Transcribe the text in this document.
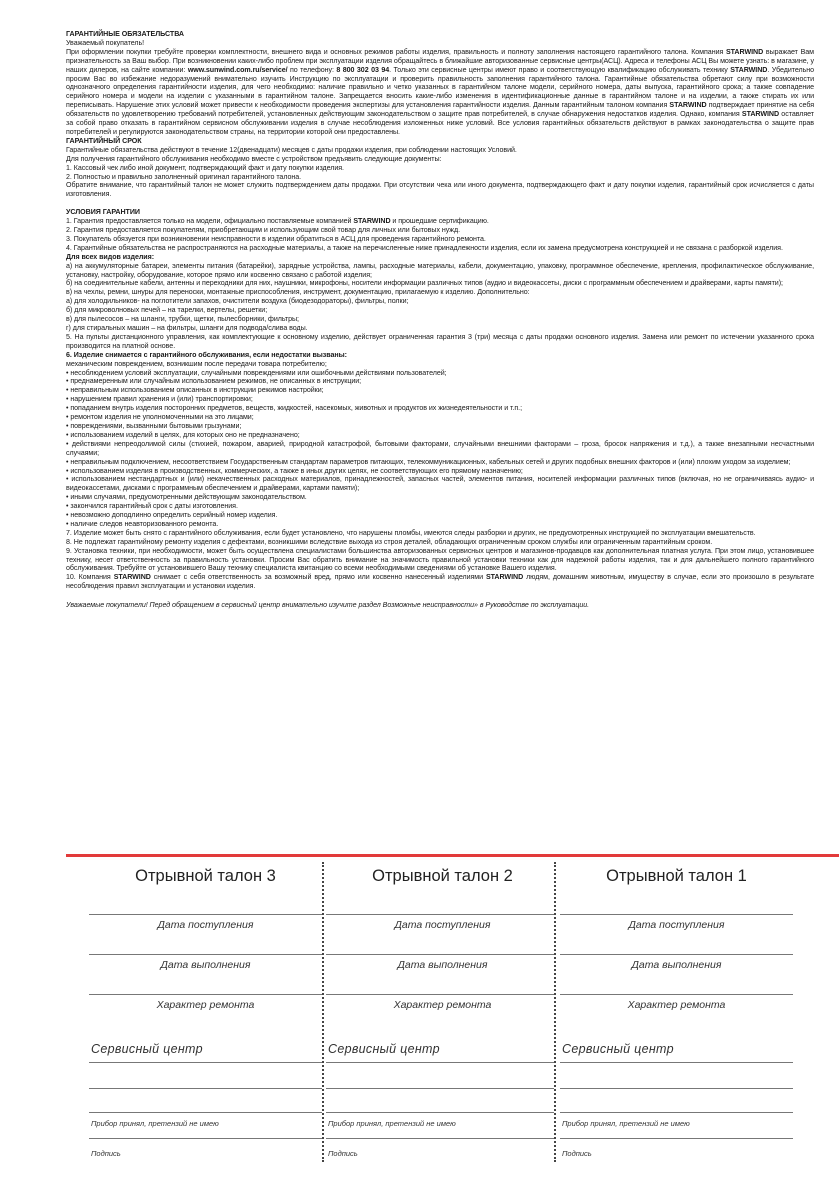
ГАРАНТИЙНЫЕ ОБЯЗАТЕЛЬСТВА

Уважаемый покупатель!

При оформлении покупки требуйте проверки комплектности, внешнего вида и основных режимов работы изделия, правильность и полноту заполнения настоящего гарантийного талона. Компания STARWIND выражает Вам признательность за Ваш выбор. При возникновении каких-либо проблем при эксплуатации изделия обращайтесь в ближайшие авторизованные сервисные центры(АСЦ). Адреса и телефоны АСЦ Вы можете узнать: в магазине, у наших дилеров, на сайте компании: www.sunwind.com.ru/service/ по телефону: 8 800 302 03 94. Только эти сервисные центры имеют право и соответствующую квалификацию обслуживать технику STARWIND. Убедительно просим Вас во избежание недоразумений внимательно изучить Инструкцию по эксплуатации и проверить правильность заполнения гарантийного талона. Гарантийные обязательства обретают силу при возможности однозначного определения гарантийности изделия, для чего необходимо: наличие правильно и четко указанных в гарантийном талоне модели, серийного номера, даты выпуска, гарантийного срока; а также совпадение серийного номера и модели на изделии с указанными в гарантийном талоне. Запрещается вносить какие-либо изменения в идентификационные данные в гарантийном талоне и на изделии, а также стирать их или переписывать. Нарушение этих условий может привести к необходимости проведения экспертизы для установления гарантийности изделия. Данным гарантийным талоном компания STARWIND подтверждает принятие на себя обязательств по удовлетворению требований потребителей, установленных действующим законодательством о защите прав потребителей, в случае обнаружения недостатков изделия. Однако, компания STARWIND оставляет за собой право отказать в гарантийном сервисном обслуживании изделия в случае несоблюдения изложенных ниже условий. Все условия гарантийных обязательств действуют в рамках законодательства о защите прав потребителей и регулируются законодательством страны, на территории которой они предоставлены.

ГАРАНТИЙНЫЙ СРОК

Гарантийные обязательства действуют в течение 12(двенадцати) месяцев с даты продажи изделия, при соблюдении настоящих Условий.

Для получения гарантийного обслуживания необходимо вместе с устройством предъявить следующие документы:

1. Кассовый чек либо иной документ, подтверждающий факт и дату покупки изделия.

2. Полностью и правильно заполненный оригинал гарантийного талона.

Обратите внимание, что гарантийный талон не может служить подтверждением даты продажи. При отсутствии чека или иного документа, подтверждающего факт и дату покупки изделия, гарантийный срок исчисляется с даты изготовления.

УСЛОВИЯ ГАРАНТИИ

1. Гарантия предоставляется только на модели, официально поставляемые компанией STARWIND и прошедшие сертификацию.

2. Гарантия предоставляется покупателям, приобретающим и использующим свой товар для личных или бытовых нужд.

3. Покупатель обязуется при возникновении неисправности в изделии обратиться в АСЦ для проведения гарантийного ремонта.

4. Гарантийные обязательства не распространяются на расходные материалы, а также на перечисленные ниже принадлежности изделия, если их замена предусмотрена конструкцией и не связана с разборкой изделия.

Для всех видов изделия:

а) на аккумуляторные батареи, элементы питания (батарейки), зарядные устройства, лампы, расходные материалы, кабели, документацию, упаковку, программное обеспечение, крепления, профилактическое обслуживание, установку, настройку, оборудование, которое прямо или косвенно связано с работой изделия;

б) на соединительные кабели, антенны и переходники для них, наушники, микрофоны, носители информации различных типов (аудио и видеокассеты, диски с программным обеспечением и драйверами, карты памяти);

в) на чехлы, ремни, шнуры для переноски, монтажные приспособления, инструмент, документацию, прилагаемую к изделию. Дополнительно:

а) для холодильников- на поглотители запахов, очистители воздуха (биодезодораторы), фильтры, полки;

б) для микроволновых печей – на тарелки, вертелы, решетки;

в) для пылесосов – на шланги, трубки, щетки, пылесборники, фильтры;

г) для стиральных машин – на фильтры, шланги для подвода/слива воды.

5. На пульты дистанционного управления, как комплектующие к основному изделию, действует ограниченная гарантия 3 (три) месяца с даты продажи основного изделия. Замена или ремонт по истечении указанного срока производится на платной основе.

6. Изделие снимается с гарантийного обслуживания, если недостатки вызваны:

механическим повреждением, возникшим после передачи товара потребителю;

• несоблюдением условий эксплуатации, случайными повреждениями или ошибочными действиями пользователей;

• преднамеренным или случайным использованием режимов, не описанных в инструкции;

• неправильным использованием описанных в инструкции режимов настройки;

• нарушением правил хранения и (или) транспортировки;

• попаданием внутрь изделия посторонних предметов, веществ, жидкостей, насекомых, животных и продуктов их жизнедеятельности и т.п.;

• ремонтом изделия не уполномоченными на это лицами;

• повреждениями, вызванными бытовыми грызунами;

• использованием изделий в целях, для которых оно не предназначено;

• действиями непреодолимой силы (стихией, пожаром, аварией, природной катастрофой, бытовыми факторами, случайными внешними факторами – гроза, бросок напряжения и т.д.), а также внезапными несчастными случаями;

• неправильным подключением, несоответствием Государственным стандартам параметров питающих, телекоммуникационных, кабельных сетей и других подобных внешних факторов и (или) плохим уходом за изделием;

• использованием изделия в производственных, коммерческих, а также в иных других целях, не соответствующих его прямому назначению;

• использованием нестандартных и (или) некачественных расходных материалов, принадлежностей, запасных частей, элементов питания, носителей информации различных типов (включая, но не ограничиваясь аудио- и видеокассетами, дисками с программным обеспечением и драйверами, картами памяти);

• иными случаями, предусмотренными действующим законодательством.

• закончился гарантийный срок с даты изготовления.

• невозможно доподлинно определить серийный номер изделия.

• наличие следов неавторизованного ремонта.

7. Изделие может быть снято с гарантийного обслуживания, если будет установлено, что нарушены пломбы, имеются следы разборки и других, не предусмотренных инструкцией по эксплуатации вмешательств.

8. Не подлежат гарантийному ремонту изделия с дефектами, возникшими вследствие выхода из строя деталей, обладающих ограниченным сроком службы или ограниченным гарантийным сроком.

9. Установка техники, при необходимости, может быть осуществлена специалистами большинства авторизованных сервисных центров и магазинов-продавцов как дополнительная платная услуга. При этом лицо, установившее технику, несет ответственность за правильность установки. Просим Вас обратить внимание на значимость правильной установки техники как для надежной работы изделия, так и для дальнейшего полного гарантийного обслуживания. Требуйте от установившего Вашу технику специалиста квитанцию со всеми необходимыми сведениями об установке Вашего изделия.

10. Компания STARWIND снимает с себя ответственность за возможный вред, прямо или косвенно нанесенный изделиями STARWIND людям, домашним животным, имуществу в случае, если это произошло в результате несоблюдения правил эксплуатации и установки изделия.

Уважаемые покупатели! Перед обращением в сервисный центр внимательно изучите раздел Возможные неисправности» в Руководстве по эксплуатации.

Отрывной талон 3
Дата поступления
Дата выполнения
Характер ремонта
Сервисный центр
Прибор принял, претензий не имею
Подпись
Отрывной талон 2
Дата поступления
Дата выполнения
Характер ремонта
Сервисный центр
Прибор принял, претензий не имею
Подпись
Отрывной талон 1
Дата поступления
Дата выполнения
Характер ремонта
Сервисный центр
Прибор принял, претензий не имею
Подпись
